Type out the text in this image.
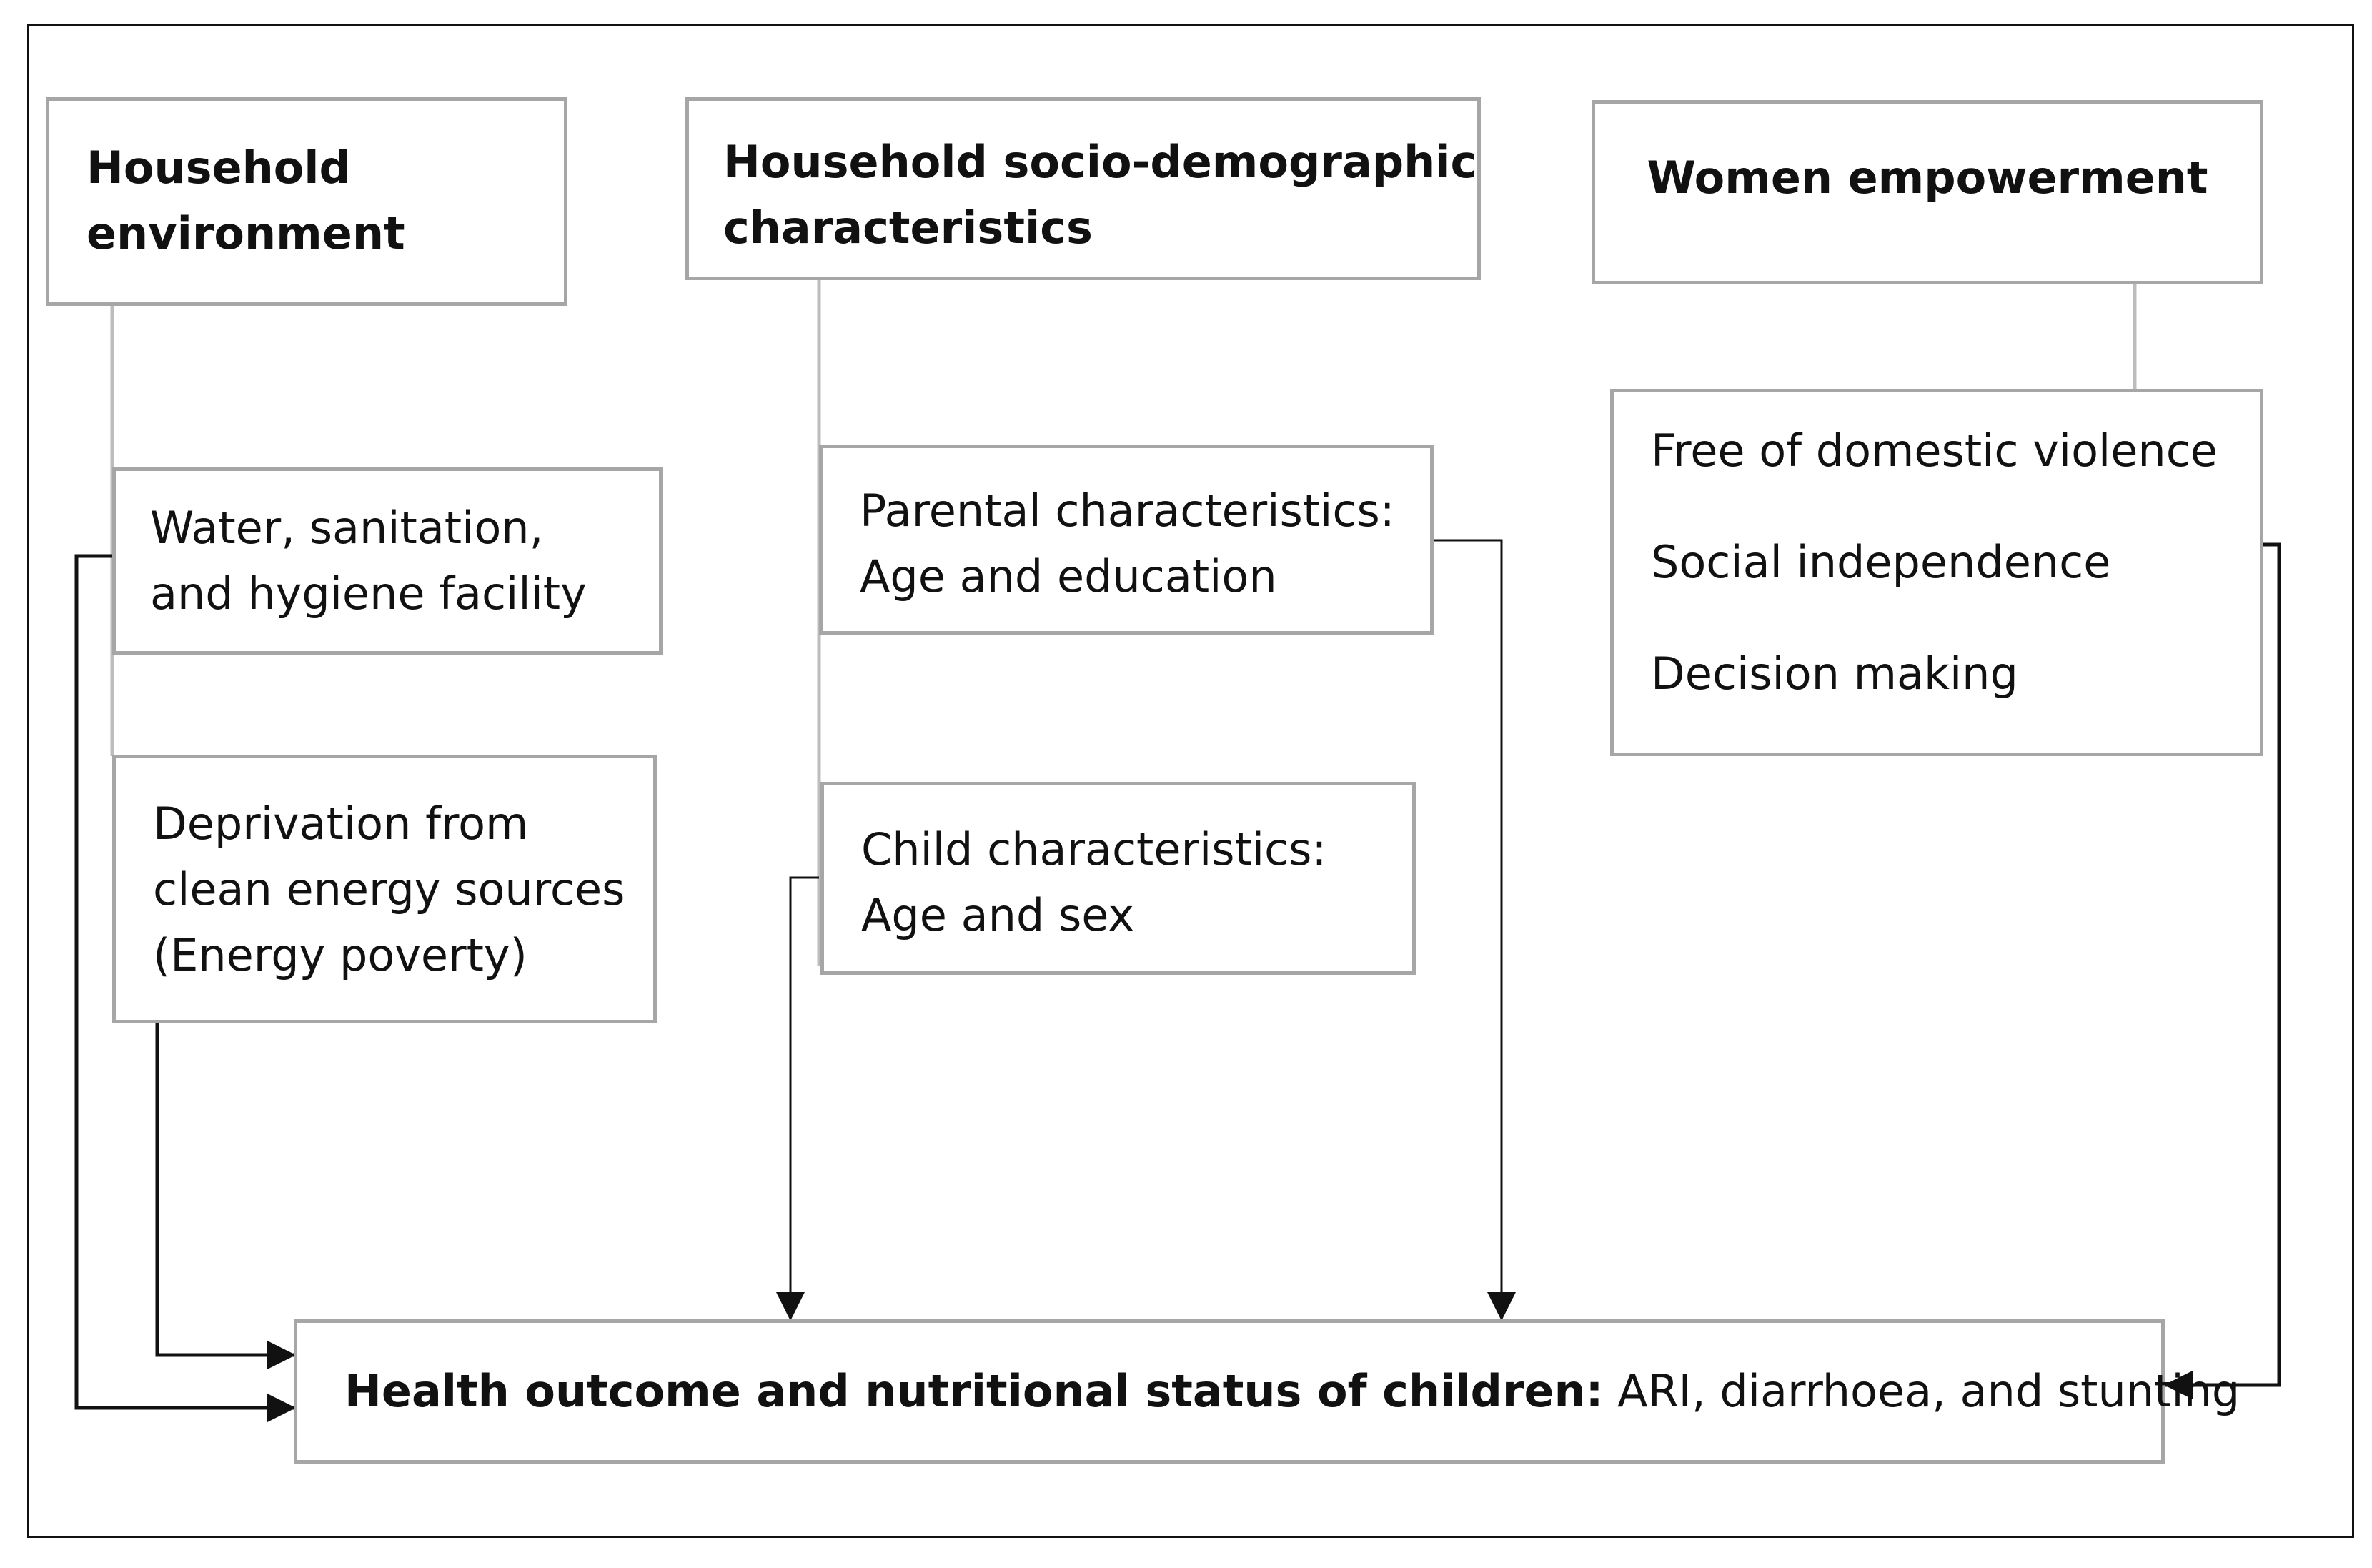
Household
environment
Water, sanitation,
and hygiene facility
Deprivation from
clean energy sources
(Energy poverty)
Household socio-demographic
characteristics
Parental characteristics:
Age and education
Child characteristics:
Age and sex
Women empowerment
Free of domestic violence
Social independence
Decision making
Health outcome and nutritional status of children: ARI, diarrhoea, and stunting
